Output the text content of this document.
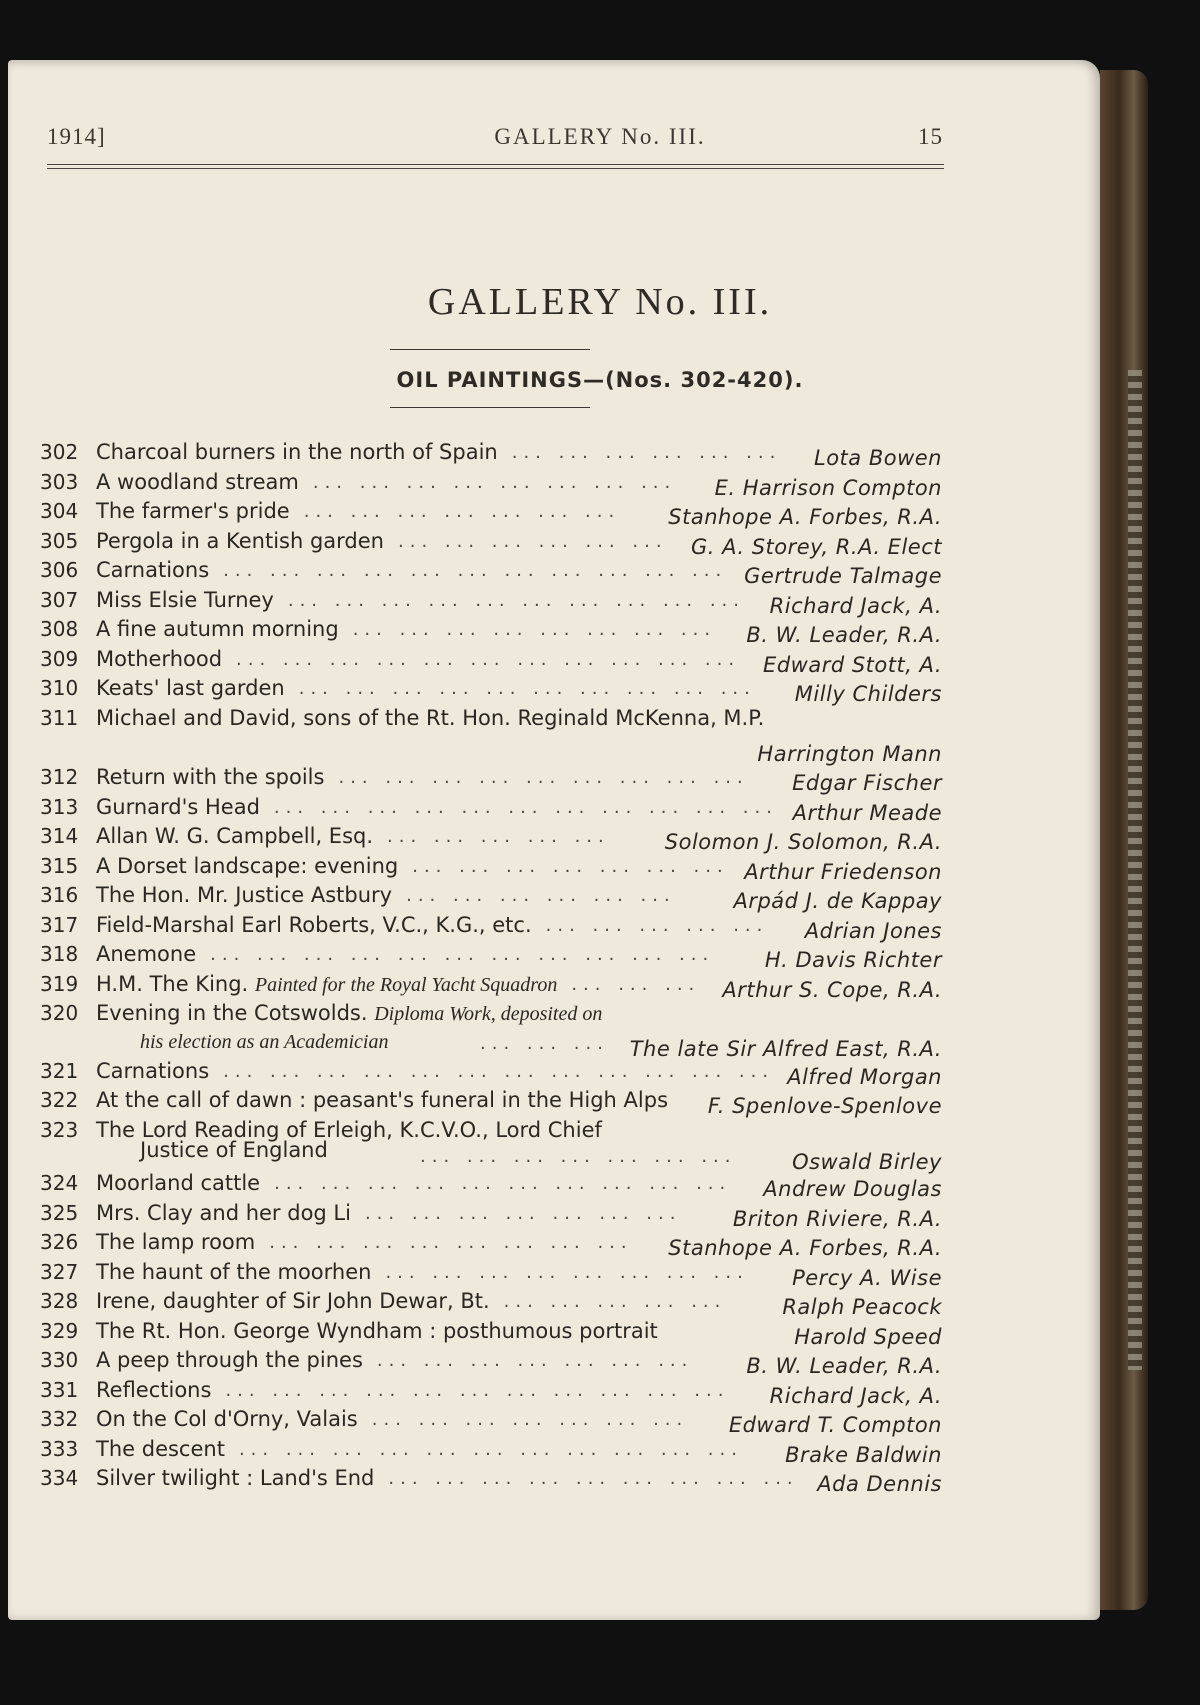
1914]	GALLERY No. III.	15
GALLERY No. III.
OIL PAINTINGS—(Nos. 302-420).
302 Charcoal burners in the north of Spain	Lota Bowen
... ... ... ... ... ...
303 A woodland stream	E. Harrison Compton
... ... ... ... ... ... ... ...
304 The farmer's pride	Stanhope A. Forbes, R.A.
... ... ... ... ... ... ...
305 Pergola in a Kentish garden	G. A. Storey, R.A. Elect
... ... ... ... ... ...
306 Carnations	Gertrude Talmage
... ... ... ... ... ... ... ... ... ... ...
307 Miss Elsie Turney	Richard Jack, A.
... ... ... ... ... ... ... ... ... ...
308 A fine autumn morning	B. W. Leader, R.A.
... ... ... ... ... ... ... ...
309 Motherhood	Edward Stott, A.
... ... ... ... ... ... ... ... ... ... ...
310 Keats' last garden	Milly Childers
... ... ... ... ... ... ... ... ... ...
311 Michael and David, sons of the Rt. Hon. Reginald McKenna, M.P.
Harrington Mann
312 Return with the spoils	Edgar Fischer
... ... ... ... ... ... ... ... ...
313 Gurnard's Head	Arthur Meade
... ... ... ... ... ... ... ... ... ... ...
314 Allan W. G. Campbell, Esq.	Solomon J. Solomon, R.A.
... ... ... ... ...
315 A Dorset landscape: evening	Arthur Friedenson
... ... ... ... ... ... ...
316 The Hon. Mr. Justice Astbury	Arpád J. de Kappay
... ... ... ... ... ...
317 Field-Marshal Earl Roberts, V.C., K.G., etc.	Adrian Jones
... ... ... ... ...
318 Anemone	H. Davis Richter
... ... ... ... ... ... ... ... ... ... ...
319 H.M. The King. Painted for the Royal Yacht Squadron	Arthur S. Cope, R.A.
... ... ...
320 Evening in the Cotswolds. Diploma Work, deposited on
his election as an Academician	The late Sir Alfred East, R.A.
... ... ...
321 Carnations	Alfred Morgan
... ... ... ... ... ... ... ... ... ... ... ...
322 At the call of dawn : peasant's funeral in the High Alps F. Spenlove-Spenlove
323 The Lord Reading of Erleigh, K.C.V.O., Lord Chief
Justice of England	Oswald Birley
... ... ... ... ... ... ...
324 Moorland cattle	Andrew Douglas
... ... ... ... ... ... ... ... ... ...
325 Mrs. Clay and her dog Li	Briton Riviere, R.A.
... ... ... ... ... ... ...
326 The lamp room	Stanhope A. Forbes, R.A.
... ... ... ... ... ... ... ...
327 The haunt of the moorhen	Percy A. Wise
... ... ... ... ... ... ... ...
328 Irene, daughter of Sir John Dewar, Bt.	Ralph Peacock
... ... ... ... ...
329 The Rt. Hon. George Wyndham : posthumous portrait	Harold Speed
330 A peep through the pines	B. W. Leader, R.A.
... ... ... ... ... ... ...
331 Reflections	Richard Jack, A.
... ... ... ... ... ... ... ... ... ... ...
332 On the Col d'Orny, Valais	Edward T. Compton
... ... ... ... ... ... ...
333 The descent	Brake Baldwin
... ... ... ... ... ... ... ... ... ... ...
334 Silver twilight : Land's End	Ada Dennis
... ... ... ... ... ... ... ... ...
